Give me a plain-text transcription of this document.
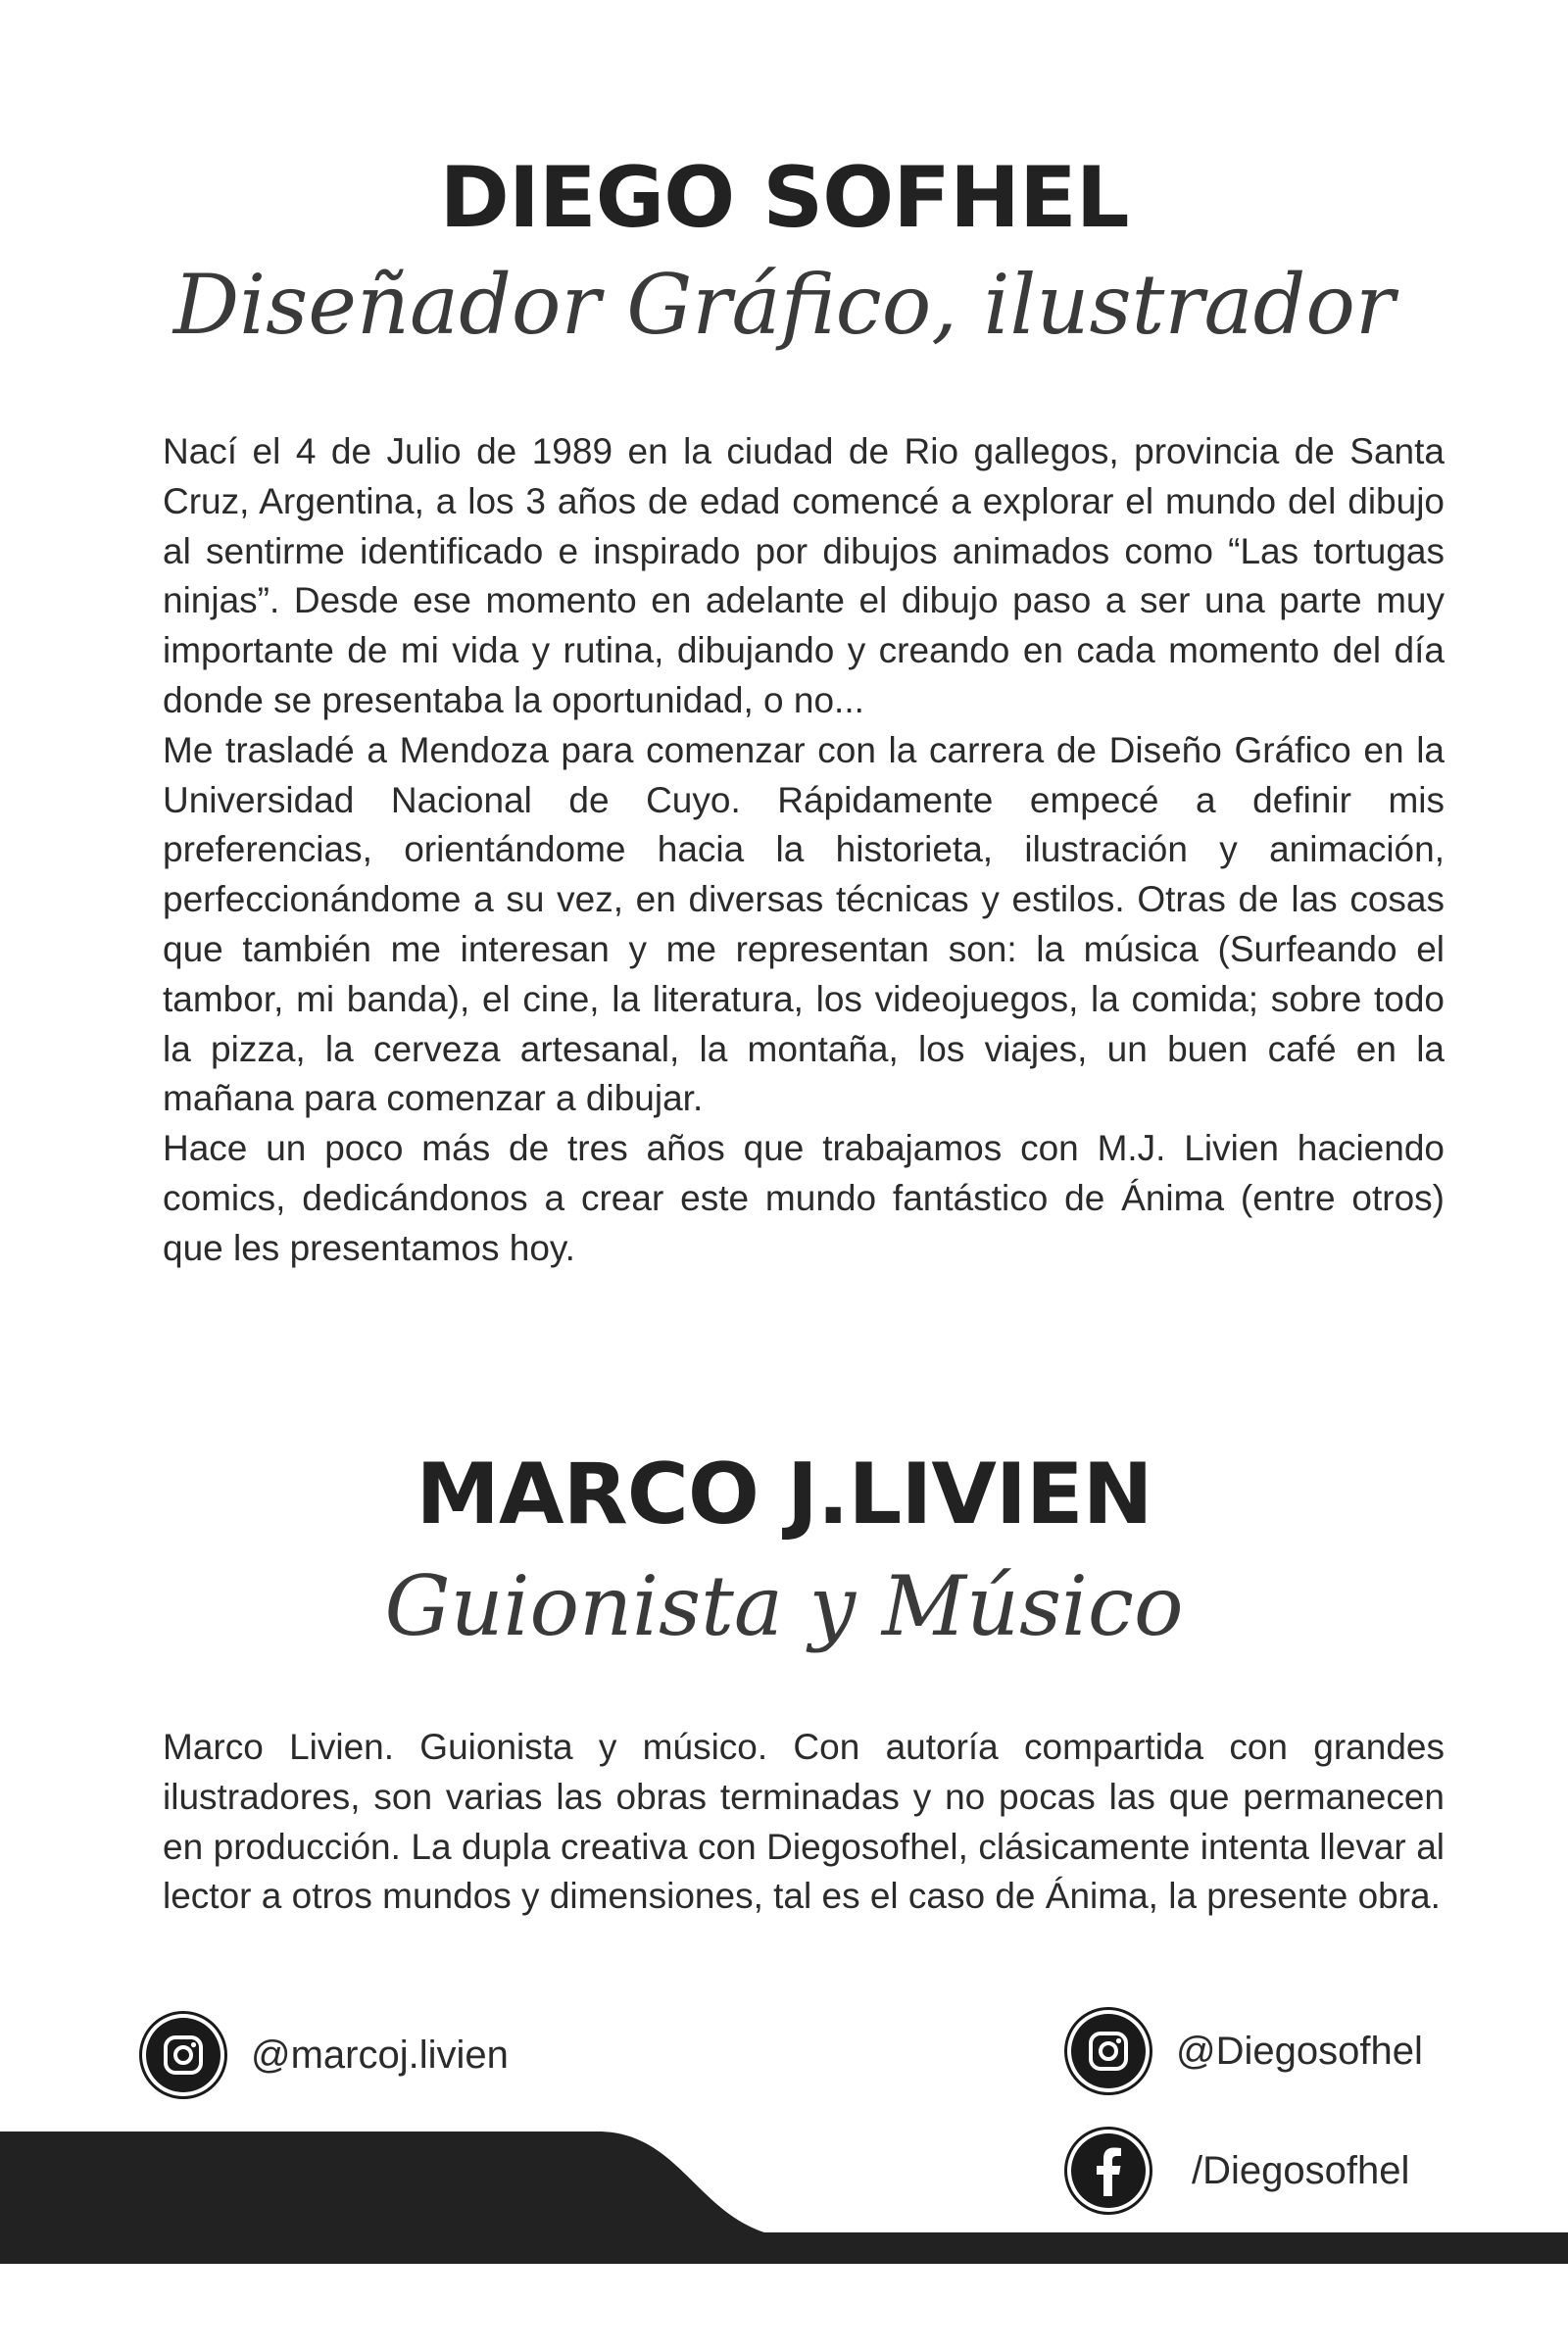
DIEGO SOFHEL
Diseñador Gráfico, ilustrador

Nací el 4 de Julio de 1989 en la ciudad de Rio gallegos, provincia de Santa Cruz, Argentina, a los 3 años de edad comencé a explorar el mundo del dibujo al sentirme identificado e inspirado por dibujos animados como “Las tortugas ninjas”. Desde ese momento en adelante el dibujo paso a ser una parte muy importante de mi vida y rutina, dibujando y creando en cada momento del día donde se presentaba la oportunidad, o no...

Me trasladé a Mendoza para comenzar con la carrera de Diseño Gráfico en la Universidad Nacional de Cuyo. Rápidamente empecé a definir mis preferencias, orientándome hacia la historieta, ilustración y animación, perfeccionándome a su vez, en diversas técnicas y estilos. Otras de las cosas que también me interesan y me representan son: la música (Surfeando el tambor, mi banda), el cine, la literatura, los videojuegos, la comida; sobre todo la pizza, la cerveza artesanal, la montaña, los viajes, un buen café en la mañana para comenzar a dibujar.

Hace un poco más de tres años que trabajamos con M.J. Livien haciendo comics, dedicándonos a crear este mundo fantástico de Ánima (entre otros) que les presentamos hoy.

MARCO J.LIVIEN
Guionista y Músico

Marco Livien. Guionista y músico. Con autoría compartida con grandes ilustradores, son varias las obras terminadas y no pocas las que permanecen en producción. La dupla creativa con Diegosofhel, clásicamente intenta llevar al lector a otros mundos y dimensiones, tal es el caso de Ánima, la presente obra.

@marcoj.livien	@Diegosofhel
/Diegosofhel
